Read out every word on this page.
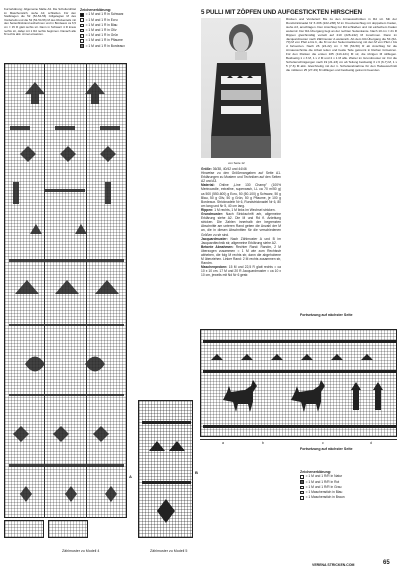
5 PULLI MIT ZÖPFEN UND AUFGESTICKTEN HIRSCHEN
Kurzerklärung: Allgemeine Maße A3. Die Schulterdrittel im Maschenstich, siehe A3, schließen. Für den Steilkragen die 52 (52-54-56) zöllgelegten M des Vorderteils und die 52 (52-54-56) M des Rückenteils mit den Seitenblickrand aufnehmen und in Bordeaux ca 6,5 cm = 15 R glatt rechts str. Dann in Schwarz 4 R kraus rechts str, dabei mit 1 Rd rechts beginnen. Danach alle M rechts abk. Ärmel einsetzen.
Zeichenerklärung:
= 1 M und 1 R in Schwarz
= 1 M und 1 R in Ecru
• = 1 M und 1 R in Blau
× = 1 M und 1 R in Oliv
/	= 1 M und 1 R in Grün
◦ = 1 M und 1 R in Pflaume
= 1 M und 1 R in Bordeaux
A
Zählmuster zu Modell 4
B
Zählmuster zu Modell 5
von Seite 12
Größe: 36/38, 40/42 und 44/46
Hinweise zu den Größenangaben auf Seite A1. Erklärungen zu Mustern und Techniken auf den Seiten A2 und A3.
Material: Online „Line 130 Champ" (100% Merinowolle, extrafine, superwash, LL ca 70 m/50 g) ca 500 (550-600) g Ecru, 50 (50-100) g Schwarz, 50 g Blau, 50 g Oliv, 50 g Grün, 50 g Pflaume, je 100 g Bordeaux. Stricknadeln Nr 6, Rundstricknadel Nr 6, 80 cm lang und Nr 5, 40 cm lang.
Rippen: 1 M rechts, 1 M links im Wechsel stricken.
Grundmuster: Nach Strickschrift arb, allgemeine Erklärung siehe A2. Die M und Rd fl. Anleitung stricken. Die Zahlen innerhalb der begrenzten Abschnitte am unteren Rand geben die Anzahl der M an, die in diesen Abschnitten für die verschiedenen Größen zu str sind.
Jacquardmuster: Nach Zählmuster A und B im Jacquardtechnik str, allgemeine Erklärung siehe A2.
Betonte Abnahmen: Rechter Rand: Randm, 2 M überzogen zusammen = 1 M wie zum Rechtsstr abheben, die folg M rechts str, dann die abgehobene M überziehen. Linker Rand: 2 M rechts zusammen str, Randm.
Maschenproben: 15 M und 22,5 R glatt rechts = ca 10 x 10 cm. 17 M und 20 R Jacquardmuster = ca 10 x 10 cm, jeweils mit Nd Nr 6 gestr.
Rücken und Vorderteil: Bis zu den Armausschnitten in Rd str. Mit der Rundstricknadel Nr 6 206 (222-238) M im Kreuzanschlag mit doppeltem Faden, siehe A3, anschlagen. Den Anschlag zur Rd schließen und mit einfachem Faden weiterstr. Der Rd-Übergang liegt an der rechten Seitenkante. Nach 10 cm = 21 R Rippen gleichmäßig verteilt auf 210 (226-242) M zunehmen. Dann im Jacquardmuster nach Zählmuster A weiterarb. Ab dem Rd-Übergang die 54 (62-70) M von Pfeil a bis b, die M vor der Seitenmarkierung mit den M von Pfeil c bis d fortsetzen. Nach 26 (24-22) cm = 58 (54-50) R ab Anschlag für die Armausschnitte die Arbeit teilen und beide Teile getrennt in Reihen fortsetzen. Für den Rücken die ersten 105 (113-121) M str, die übrigen M stilllegen. Beidseitig 1 x 3 M, 1 x 2 M und 2 x 1 M abk. Weiter im Grundmuster str. Für die Schulterschrägungen nach 19 (21-23) cm ab Teilung beidseitig 3 x 6 (6-7) M, 1 x 5 (7-6) M abk. Gleichzeitig mit der 1. Schulterabnahme für den Halsausschnitt die mittleren 25 (27-29) M stilllegen und beidseitig getrennt beenden.
Fortsetzung auf nächster Seite
a	b	c	d
Fortsetzung auf nächster Seite
Zeichenerklärung:
= 1 M und 1 R/R in Natur
= 1 M und 1 R/R in Rot
• = 1 M und 1 R/R in Grau
× = 1 Maschenstich in Blau
◦ = 1 Maschenstich in Braun
VERENA STRICKEN.COM	65
